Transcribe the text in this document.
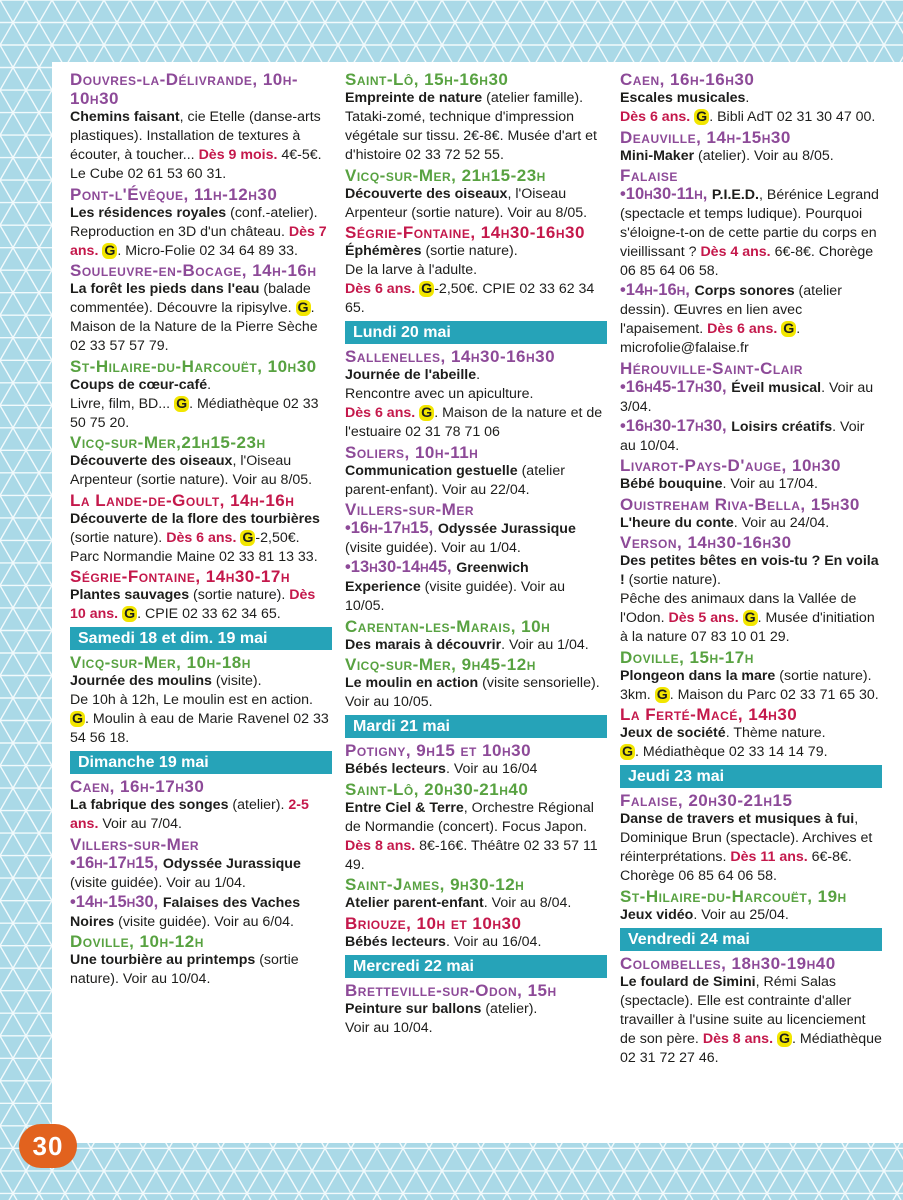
Douvres-la-Délivrande, 10h-10h30
Chemins faisant, cie Etelle (danse-arts plastiques). Installation de textures à écouter, à toucher... Dès 9 mois. 4€-5€. Le Cube 02 61 53 60 31.
Pont-l'Évêque, 11h-12h30
Les résidences royales (conf.-atelier). Reproduction en 3D d'un château. Dès 7 ans. G . Micro-Folie 02 34 64 89 33.
Souleuvre-en-Bocage, 14h-16h
La forêt les pieds dans l'eau (balade commentée). Découvre la ripisylve. G . Maison de la Nature de la Pierre Sèche 02 33 57 57 79.
St-Hilaire-du-Harcouët, 10h30
Coups de cœur-café.
Livre, film, BD... G . Médiathèque 02 33 50 75 20.
Vicq-sur-Mer,21h15-23h
Découverte des oiseaux, l'Oiseau Arpenteur (sortie nature). Voir au 8/05.
La Lande-de-Goult, 14h-16h
Découverte de la flore des tourbières (sortie nature). Dès 6 ans. G -2,50€. Parc Normandie Maine 02 33 81 13 33.
Ségrie-Fontaine, 14h30-17h
Plantes sauvages (sortie nature). Dès 10 ans. G . CPIE 02 33 62 34 65.
Samedi 18 et dim. 19 mai
Vicq-sur-Mer, 10h-18h
Journée des moulins (visite).
De 10h à 12h, Le moulin est en action. G . Moulin à eau de Marie Ravenel 02 33 54 56 18.
Dimanche 19 mai
Caen, 16h-17h30
La fabrique des songes (atelier). 2-5 ans. Voir au 7/04.
Villers-sur-Mer
•16h-17h15, Odyssée Jurassique (visite guidée). Voir au 1/04.
•14h-15h30, Falaises des Vaches Noires (visite guidée). Voir au 6/04.
Doville, 10h-12h
Une tourbière au printemps (sortie nature). Voir au 10/04.
Saint-Lô, 15h-16h30
Empreinte de nature (atelier famille). Tataki-zomé, technique d'impression végétale sur tissu. 2€-8€. Musée d'art et d'histoire 02 33 72 52 55.
Vicq-sur-Mer, 21h15-23h
Découverte des oiseaux, l'Oiseau Arpenteur (sortie nature). Voir au 8/05.
Ségrie-Fontaine, 14h30-16h30
Éphémères (sortie nature).
De la larve à l'adulte.
Dès 6 ans. G -2,50€. CPIE 02 33 62 34 65.
Lundi 20 mai
Sallenelles, 14h30-16h30
Journée de l'abeille.
Rencontre avec un apiculture.
Dès 6 ans. G . Maison de la nature et de l'estuaire 02 31 78 71 06
Soliers, 10h-11h
Communication gestuelle (atelier parent-enfant). Voir au 22/04.
Villers-sur-Mer
•16h-17h15, Odyssée Jurassique (visite guidée). Voir au 1/04.
•13h30-14h45, Greenwich Experience (visite guidée). Voir au 10/05.
Carentan-les-Marais, 10h
Des marais à découvrir. Voir au 1/04.
Vicq-sur-Mer, 9h45-12h
Le moulin en action (visite sensorielle). Voir au 10/05.
Mardi 21 mai
Potigny, 9h15 et 10h30
Bébés lecteurs. Voir au 16/04
Saint-Lô, 20h30-21h40
Entre Ciel & Terre, Orchestre Régional de Normandie (concert). Focus Japon. Dès 8 ans. 8€-16€. Théâtre 02 33 57 11 49.
Saint-James, 9h30-12h
Atelier parent-enfant. Voir au 8/04.
Briouze, 10h et 10h30
Bébés lecteurs. Voir au 16/04.
Mercredi 22 mai
Bretteville-sur-Odon, 15h
Peinture sur ballons (atelier).
Voir au 10/04.
Caen, 16h-16h30
Escales musicales.
Dès 6 ans. G . Bibli AdT 02 31 30 47 00.
Deauville, 14h-15h30
Mini-Maker (atelier). Voir au 8/05.
Falaise
•10h30-11h, P.I.E.D., Bérénice Legrand (spectacle et temps ludique). Pourquoi s'éloigne-t-on de cette partie du corps en vieillissant ? Dès 4 ans. 6€-8€. Chorège 06 85 64 06 58.
•14h-16h, Corps sonores (atelier dessin). Œuvres en lien avec l'apaisement. Dès 6 ans. G .
microfolie@falaise.fr
Hérouville-Saint-Clair
•16h45-17h30, Éveil musical. Voir au 3/04.
•16h30-17h30, Loisirs créatifs. Voir au 10/04.
Livarot-Pays-D'auge, 10h30
Bébé bouquine. Voir au 17/04.
Ouistreham Riva-Bella, 15h30
L'heure du conte. Voir au 24/04.
Verson, 14h30-16h30
Des petites bêtes en vois-tu ? En voila ! (sortie nature).
Pêche des animaux dans la Vallée de l'Odon. Dès 5 ans. G . Musée d'initiation à la nature 07 83 10 01 29.
Doville, 15h-17h
Plongeon dans la mare (sortie nature).
3km. G . Maison du Parc 02 33 71 65 30.
La Ferté-Macé, 14h30
Jeux de société. Thème nature.
G . Médiathèque 02 33 14 14 79.
Jeudi 23 mai
Falaise, 20h30-21h15
Danse de travers et musiques à fui, Dominique Brun (spectacle). Archives et réinterprétations. Dès 11 ans. 6€-8€. Chorège 06 85 64 06 58.
St-Hilaire-du-Harcouët, 19h
Jeux vidéo. Voir au 25/04.
Vendredi 24 mai
Colombelles, 18h30-19h40
Le foulard de Simini, Rémi Salas (spectacle). Elle est contrainte d'aller travailler à l'usine suite au licenciement de son père. Dès 8 ans. G . Médiathèque 02 31 72 27 46.
30
